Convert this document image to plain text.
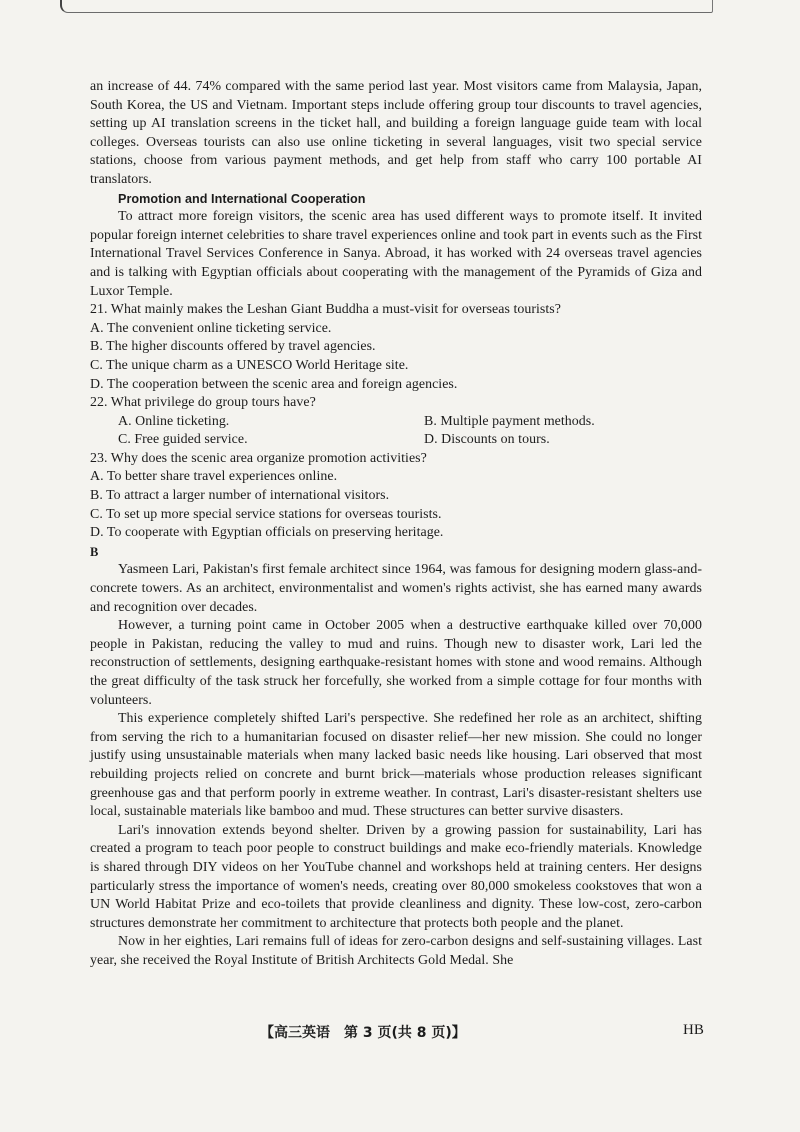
an increase of 44. 74% compared with the same period last year. Most visitors came from Malaysia, Japan, South Korea, the US and Vietnam. Important steps include offering group tour discounts to travel agencies, setting up AI translation screens in the ticket hall, and building a foreign language guide team with local colleges. Overseas tourists can also use online ticketing in several languages, visit two special service stations, choose from various payment methods, and get help from staff who carry 100 portable AI translators.

Promotion and International Cooperation

To attract more foreign visitors, the scenic area has used different ways to promote itself. It invited popular foreign internet celebrities to share travel experiences online and took part in events such as the First International Travel Services Conference in Sanya. Abroad, it has worked with 24 overseas travel agencies and is talking with Egyptian officials about cooperating with the management of the Pyramids of Giza and Luxor Temple.

21. What mainly makes the Leshan Giant Buddha a must-visit for overseas tourists?

A. The convenient online ticketing service.

B. The higher discounts offered by travel agencies.

C. The unique charm as a UNESCO World Heritage site.

D. The cooperation between the scenic area and foreign agencies.

22. What privilege do group tours have?

A. Online ticketing.	B. Multiple payment methods.
C. Free guided service.	D. Discounts on tours.

23. Why does the scenic area organize promotion activities?

A. To better share travel experiences online.

B. To attract a larger number of international visitors.

C. To set up more special service stations for overseas tourists.

D. To cooperate with Egyptian officials on preserving heritage.

B

Yasmeen Lari, Pakistan's first female architect since 1964, was famous for designing modern glass-and-concrete towers. As an architect, environmentalist and women's rights activist, she has earned many awards and recognition over decades.

However, a turning point came in October 2005 when a destructive earthquake killed over 70,000 people in Pakistan, reducing the valley to mud and ruins. Though new to disaster work, Lari led the reconstruction of settlements, designing earthquake-resistant homes with stone and wood remains. Although the great difficulty of the task struck her forcefully, she worked from a simple cottage for four months with volunteers.

This experience completely shifted Lari's perspective. She redefined her role as an architect, shifting from serving the rich to a humanitarian focused on disaster relief—her new mission. She could no longer justify using unsustainable materials when many lacked basic needs like housing. Lari observed that most rebuilding projects relied on concrete and burnt brick—materials whose production releases significant greenhouse gas and that perform poorly in extreme weather. In contrast, Lari's disaster-resistant shelters use local, sustainable materials like bamboo and mud. These structures can better survive disasters.

Lari's innovation extends beyond shelter. Driven by a growing passion for sustainability, Lari has created a program to teach poor people to construct buildings and make eco-friendly materials. Knowledge is shared through DIY videos on her YouTube channel and workshops held at training centers. Her designs particularly stress the importance of women's needs, creating over 80,000 smokeless cookstoves that won a UN World Habitat Prize and eco-toilets that provide cleanliness and dignity. These low-cost, zero-carbon structures demonstrate her commitment to architecture that protects both people and the planet.

Now in her eighties, Lari remains full of ideas for zero-carbon designs and self-sustaining villages. Last year, she received the Royal Institute of British Architects Gold Medal. She

【高三英语　第 3 页(共 8 页)】	HB
